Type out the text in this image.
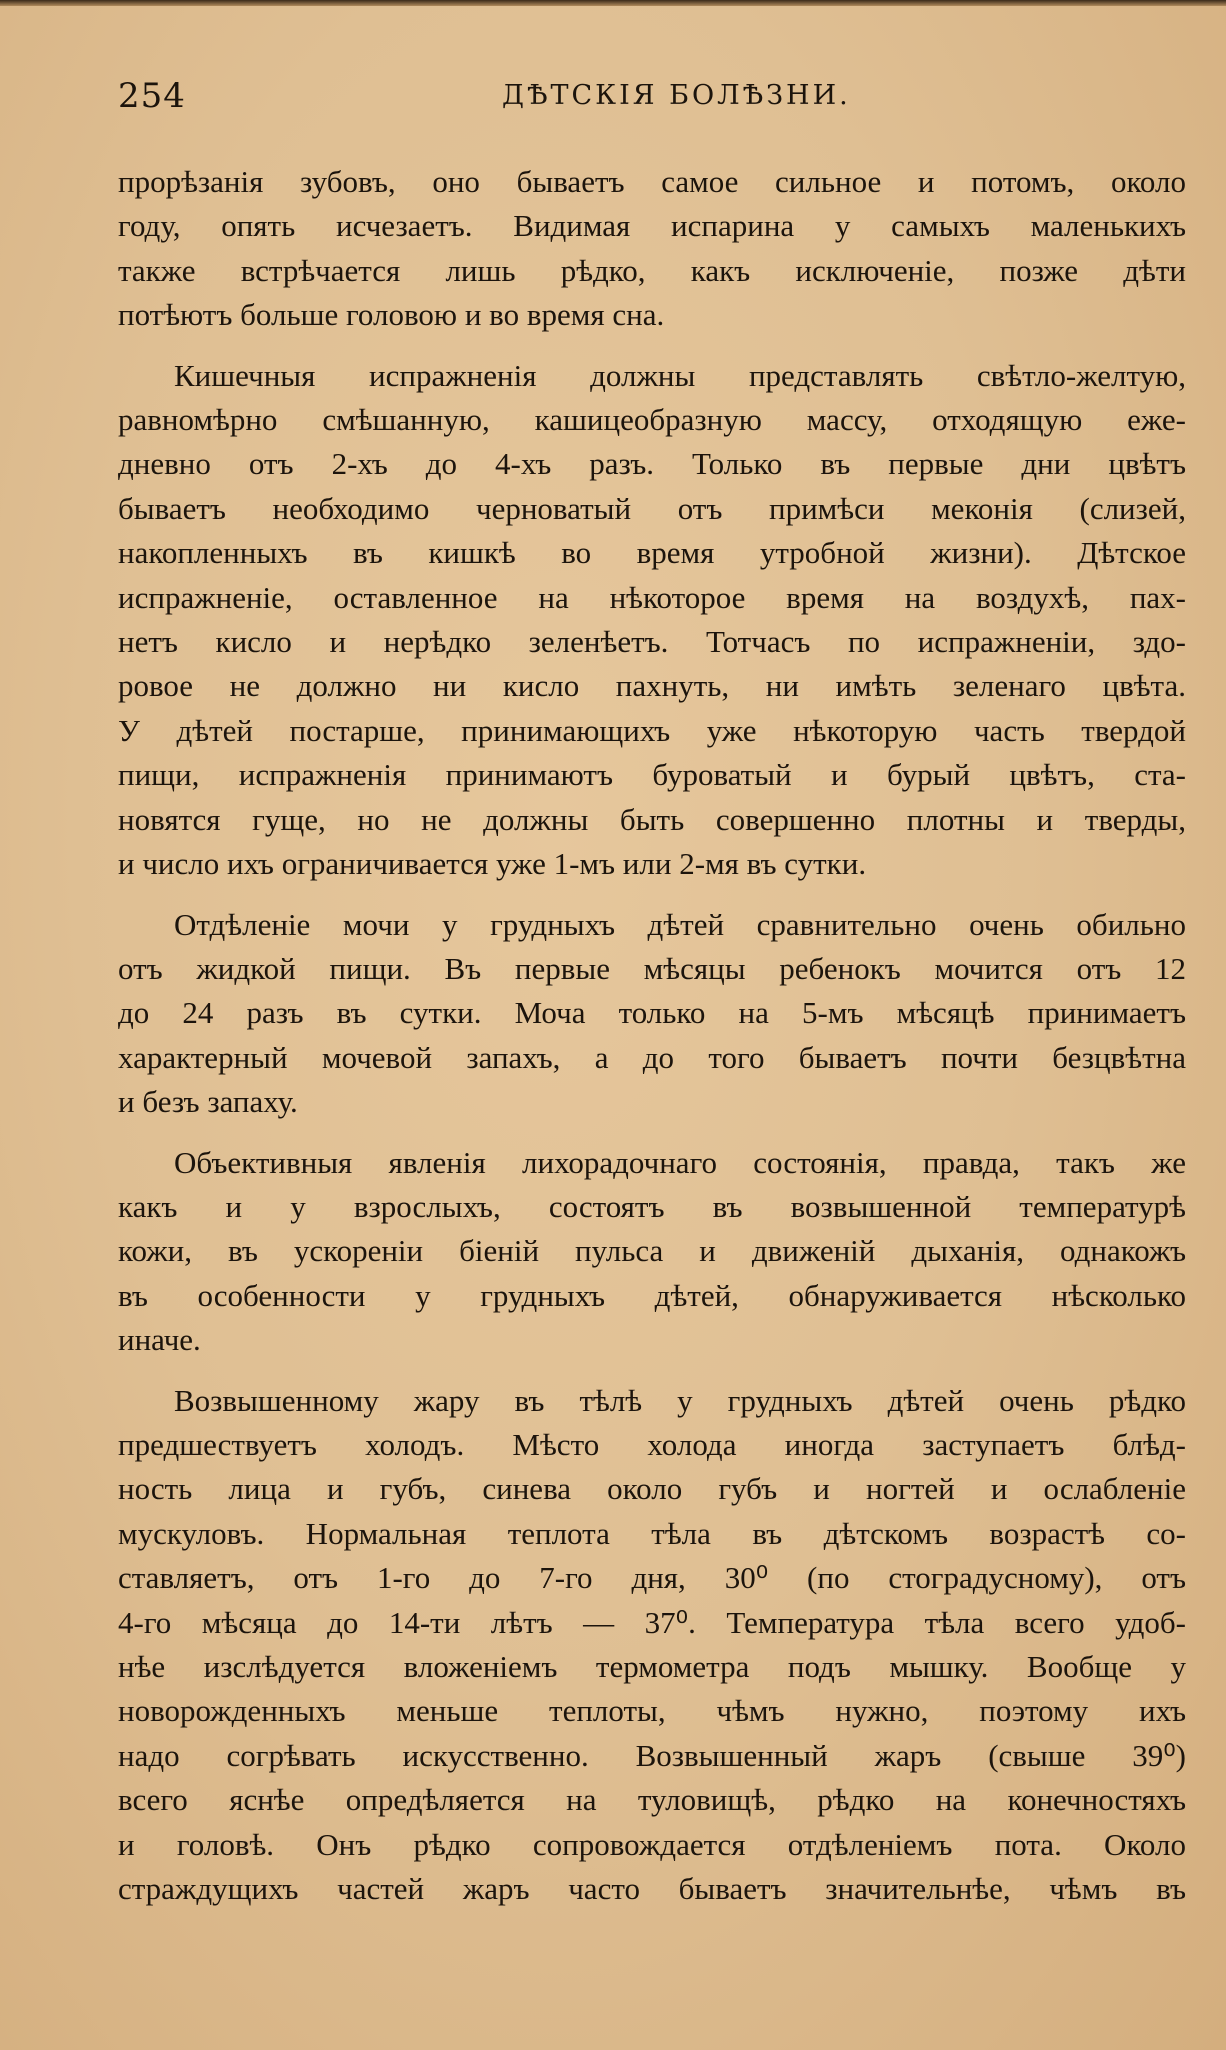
254	ДѢТСКІЯ БОЛѢЗНИ.
прорѣзанія зубовъ, оно бываетъ самое сильное и потомъ, около
году, опять исчезаетъ. Видимая испарина у самыхъ маленькихъ
также встрѣчается лишь рѣдко, какъ исключеніе, позже дѣти
потѣютъ больше головою и во время сна.
Кишечныя испражненія должны представлять свѣтло-желтую,
равномѣрно смѣшанную, кашицеобразную массу, отходящую еже-
дневно отъ 2-хъ до 4-хъ разъ. Только въ первые дни цвѣтъ
бываетъ необходимо черноватый отъ примѣси меконія (слизей,
накопленныхъ въ кишкѣ во время утробной жизни). Дѣтское
испражненіе, оставленное на нѣкоторое время на воздухѣ, пах-
нетъ кисло и нерѣдко зеленѣетъ. Тотчасъ по испражненіи, здо-
ровое не должно ни кисло пахнуть, ни имѣть зеленаго цвѣта.
У дѣтей постарше, принимающихъ уже нѣкоторую часть твердой
пищи, испражненія принимаютъ буроватый и бурый цвѣтъ, ста-
новятся гуще, но не должны быть совершенно плотны и тверды,
и число ихъ ограничивается уже 1-мъ или 2-мя въ сутки.
Отдѣленіе мочи у грудныхъ дѣтей сравнительно очень обильно
отъ жидкой пищи. Въ первые мѣсяцы ребенокъ мочится отъ 12
до 24 разъ въ сутки. Моча только на 5-мъ мѣсяцѣ принимаетъ
характерный мочевой запахъ, а до того бываетъ почти безцвѣтна
и безъ запаху.
Объективныя явленія лихорадочнаго состоянія, правда, такъ же
какъ и у взрослыхъ, состоятъ въ возвышенной температурѣ
кожи, въ ускореніи біеній пульса и движеній дыханія, однакожъ
въ особенности у грудныхъ дѣтей, обнаруживается нѣсколько
иначе.
Возвышенному жару въ тѣлѣ у грудныхъ дѣтей очень рѣдко
предшествуетъ холодъ. Мѣсто холода иногда заступаетъ блѣд-
ность лица и губъ, синева около губъ и ногтей и ослабленіе
мускуловъ. Нормальная теплота тѣла въ дѣтскомъ возрастѣ со-
ставляетъ, отъ 1-го до 7-го дня, 30⁰ (по стоградусному), отъ
4-го мѣсяца до 14-ти лѣтъ — 37⁰. Температура тѣла всего удоб-
нѣе изслѣдуется вложеніемъ термометра подъ мышку. Вообще у
новорожденныхъ меньше теплоты, чѣмъ нужно, поэтому ихъ
надо согрѣвать искусственно. Возвышенный жаръ (свыше 39⁰)
всего яснѣе опредѣляется на туловищѣ, рѣдко на конечностяхъ
и головѣ. Онъ рѣдко сопровождается отдѣленіемъ пота. Около
страждущихъ частей жаръ часто бываетъ значительнѣе, чѣмъ въ
